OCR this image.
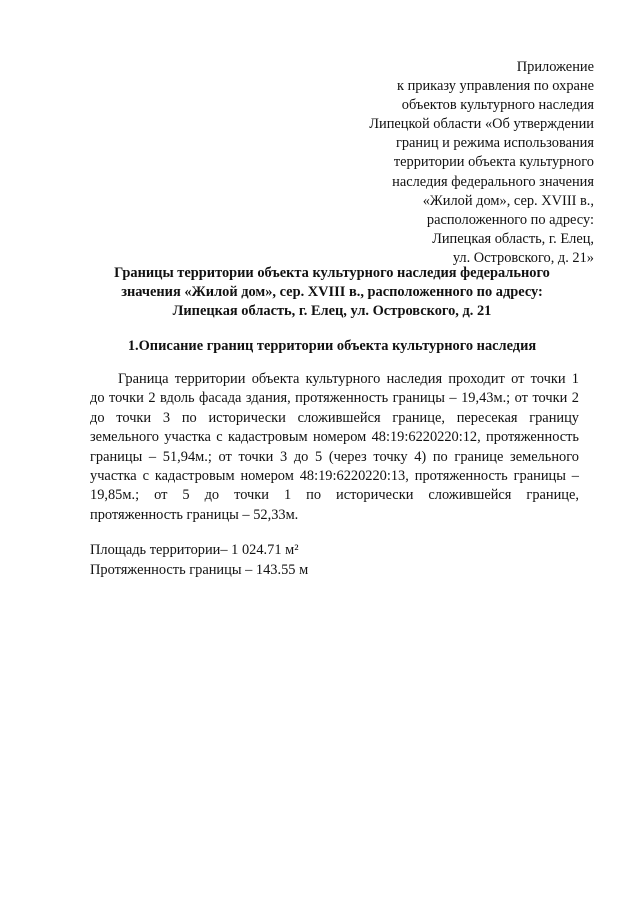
Приложение
к приказу управления по охране
объектов культурного наследия
Липецкой области «Об утверждении
границ и режима использования
территории объекта культурного
наследия федерального значения
«Жилой дом», сер. XVIII в.,
расположенного по адресу:
Липецкая область, г. Елец,
ул. Островского, д. 21»
Границы территории объекта культурного наследия федерального
значения «Жилой дом», сер. XVIII в., расположенного по адресу:
Липецкая область, г. Елец, ул. Островского, д. 21
1.Описание границ территории объекта культурного наследия
Граница территории объекта культурного наследия проходит от точки 1
до точки 2 вдоль фасада здания, протяженность границы – 19,43м.; от точки 2
до точки 3 по исторически сложившейся границе, пересекая границу
земельного участка с кадастровым номером 48:19:6220220:12, протяженность
границы – 51,94м.; от точки 3 до 5 (через точку 4) по границе земельного
участка с кадастровым номером 48:19:6220220:13, протяженность границы –
19,85м.; от 5 до точки 1 по исторически сложившейся границе,
протяженность границы – 52,33м.
Площадь территории– 1 024.71 м²
Протяженность границы – 143.55 м
